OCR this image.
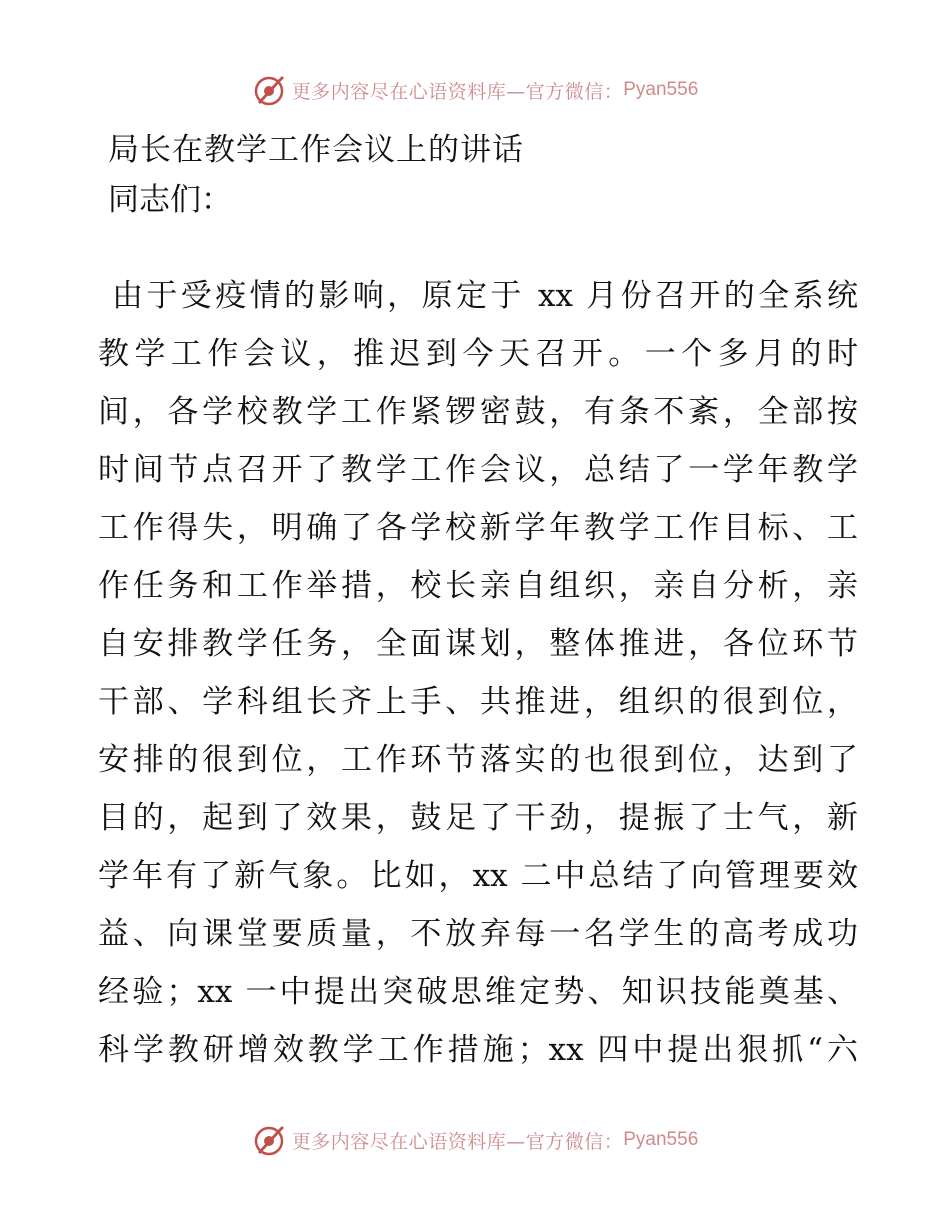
更多内容尽在心语资料库—官方微信： Pyan556
局长在教学工作会议上的讲话
同志们：
由于受疫情的影响，原定于 xx 月份召开的全系统
教学工作会议，推迟到今天召开。一个多月的时
间，各学校教学工作紧锣密鼓，有条不紊，全部按
时间节点召开了教学工作会议，总结了一学年教学
工作得失，明确了各学校新学年教学工作目标、工
作任务和工作举措，校长亲自组织，亲自分析，亲
自安排教学任务，全面谋划，整体推进，各位环节
干部、学科组长齐上手、共推进，组织的很到位，
安排的很到位，工作环节落实的也很到位，达到了
目的，起到了效果，鼓足了干劲，提振了士气，新
学年有了新气象。比如，xx 二中总结了向管理要效
益、向课堂要质量，不放弃每一名学生的高考成功
经验；xx 一中提出突破思维定势、知识技能奠基、
科学教研增效教学工作措施；xx 四中提出狠抓“六
更多内容尽在心语资料库—官方微信： Pyan556
